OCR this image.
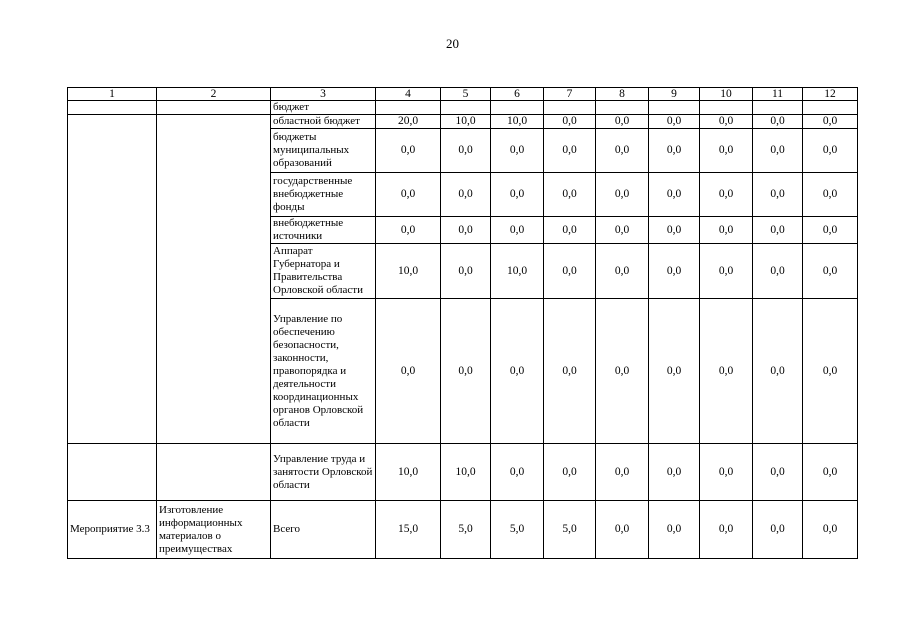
20
1	2	3	4	5	6	7	8	9	10	11	12
		бюджет									
		областной бюджет	20,0	10,0	10,0	0,0	0,0	0,0	0,0	0,0	0,0
		бюджеты муниципальных образований	0,0	0,0	0,0	0,0	0,0	0,0	0,0	0,0	0,0
		государственные внебюджетные фонды	0,0	0,0	0,0	0,0	0,0	0,0	0,0	0,0	0,0
		внебюджетные источники	0,0	0,0	0,0	0,0	0,0	0,0	0,0	0,0	0,0
		Аппарат Губернатора и Правительства Орловской области	10,0	0,0	10,0	0,0	0,0	0,0	0,0	0,0	0,0
		Управление по обеспечению безопасности, законности, правопорядка и деятельности координационных органов Орловской области	0,0	0,0	0,0	0,0	0,0	0,0	0,0	0,0	0,0
		Управление труда и занятости Орловской области	10,0	10,0	0,0	0,0	0,0	0,0	0,0	0,0	0,0
Мероприятие 3.3	Изготовление информационных материалов о преимуществах	Всего	15,0	5,0	5,0	5,0	0,0	0,0	0,0	0,0	0,0
